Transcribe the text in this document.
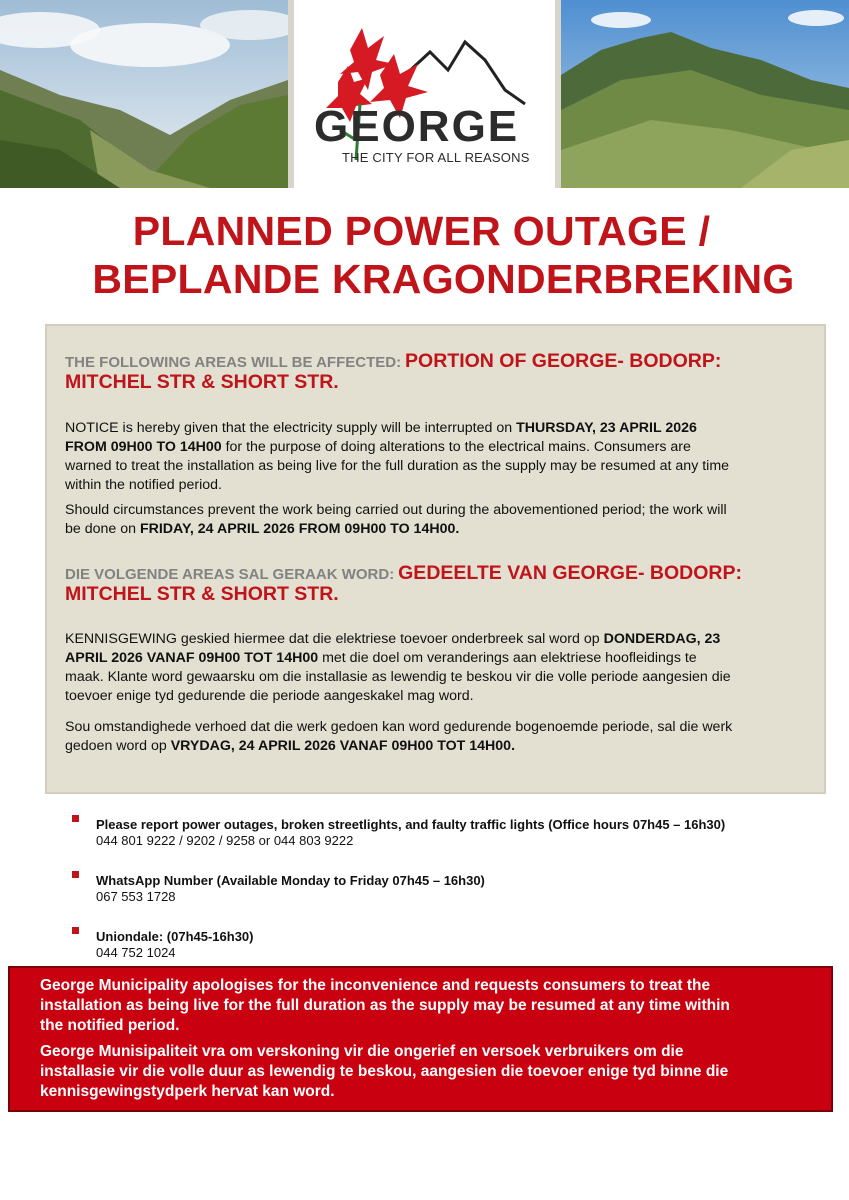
GEORGE
THE CITY FOR ALL REASONS
PLANNED POWER OUTAGE /
BEPLANDE KRAGONDERBREKING
THE FOLLOWING AREAS WILL BE AFFECTED: PORTION OF GEORGE- BODORP:
MITCHEL STR & SHORT STR.
NOTICE is hereby given that the electricity supply will be interrupted on THURSDAY, 23 APRIL 2026
FROM 09H00 TO 14H00 for the purpose of doing alterations to the electrical mains. Consumers are
warned to treat the installation as being live for the full duration as the supply may be resumed at any time
within the notified period.
Should circumstances prevent the work being carried out during the abovementioned period; the work will
be done on FRIDAY, 24 APRIL 2026 FROM 09H00 TO 14H00.
DIE VOLGENDE AREAS SAL GERAAK WORD: GEDEELTE VAN GEORGE- BODORP:
MITCHEL STR & SHORT STR.
KENNISGEWING geskied hiermee dat die elektriese toevoer onderbreek sal word op DONDERDAG, 23
APRIL 2026 VANAF 09H00 TOT 14H00 met die doel om veranderings aan elektriese hoofleidings te
maak. Klante word gewaarsku om die installasie as lewendig te beskou vir die volle periode aangesien die
toevoer enige tyd gedurende die periode aangeskakel mag word.
Sou omstandighede verhoed dat die werk gedoen kan word gedurende bogenoemde periode, sal die werk
gedoen word op VRYDAG, 24 APRIL 2026 VANAF 09H00 TOT 14H00.
Please report power outages, broken streetlights, and faulty traffic lights (Office hours 07h45 – 16h30)
044 801 9222 / 9202 / 9258 or 044 803 9222
WhatsApp Number (Available Monday to Friday 07h45 – 16h30)
067 553 1728
Uniondale: (07h45-16h30)
044 752 1024

George Municipality apologises for the inconvenience and requests consumers to treat the
installation as being live for the full duration as the supply may be resumed at any time within
the notified period.

George Munisipaliteit vra om verskoning vir die ongerief en versoek verbruikers om die
installasie vir die volle duur as lewendig te beskou, aangesien die toevoer enige tyd binne die
kennisgewingstydperk hervat kan word.
